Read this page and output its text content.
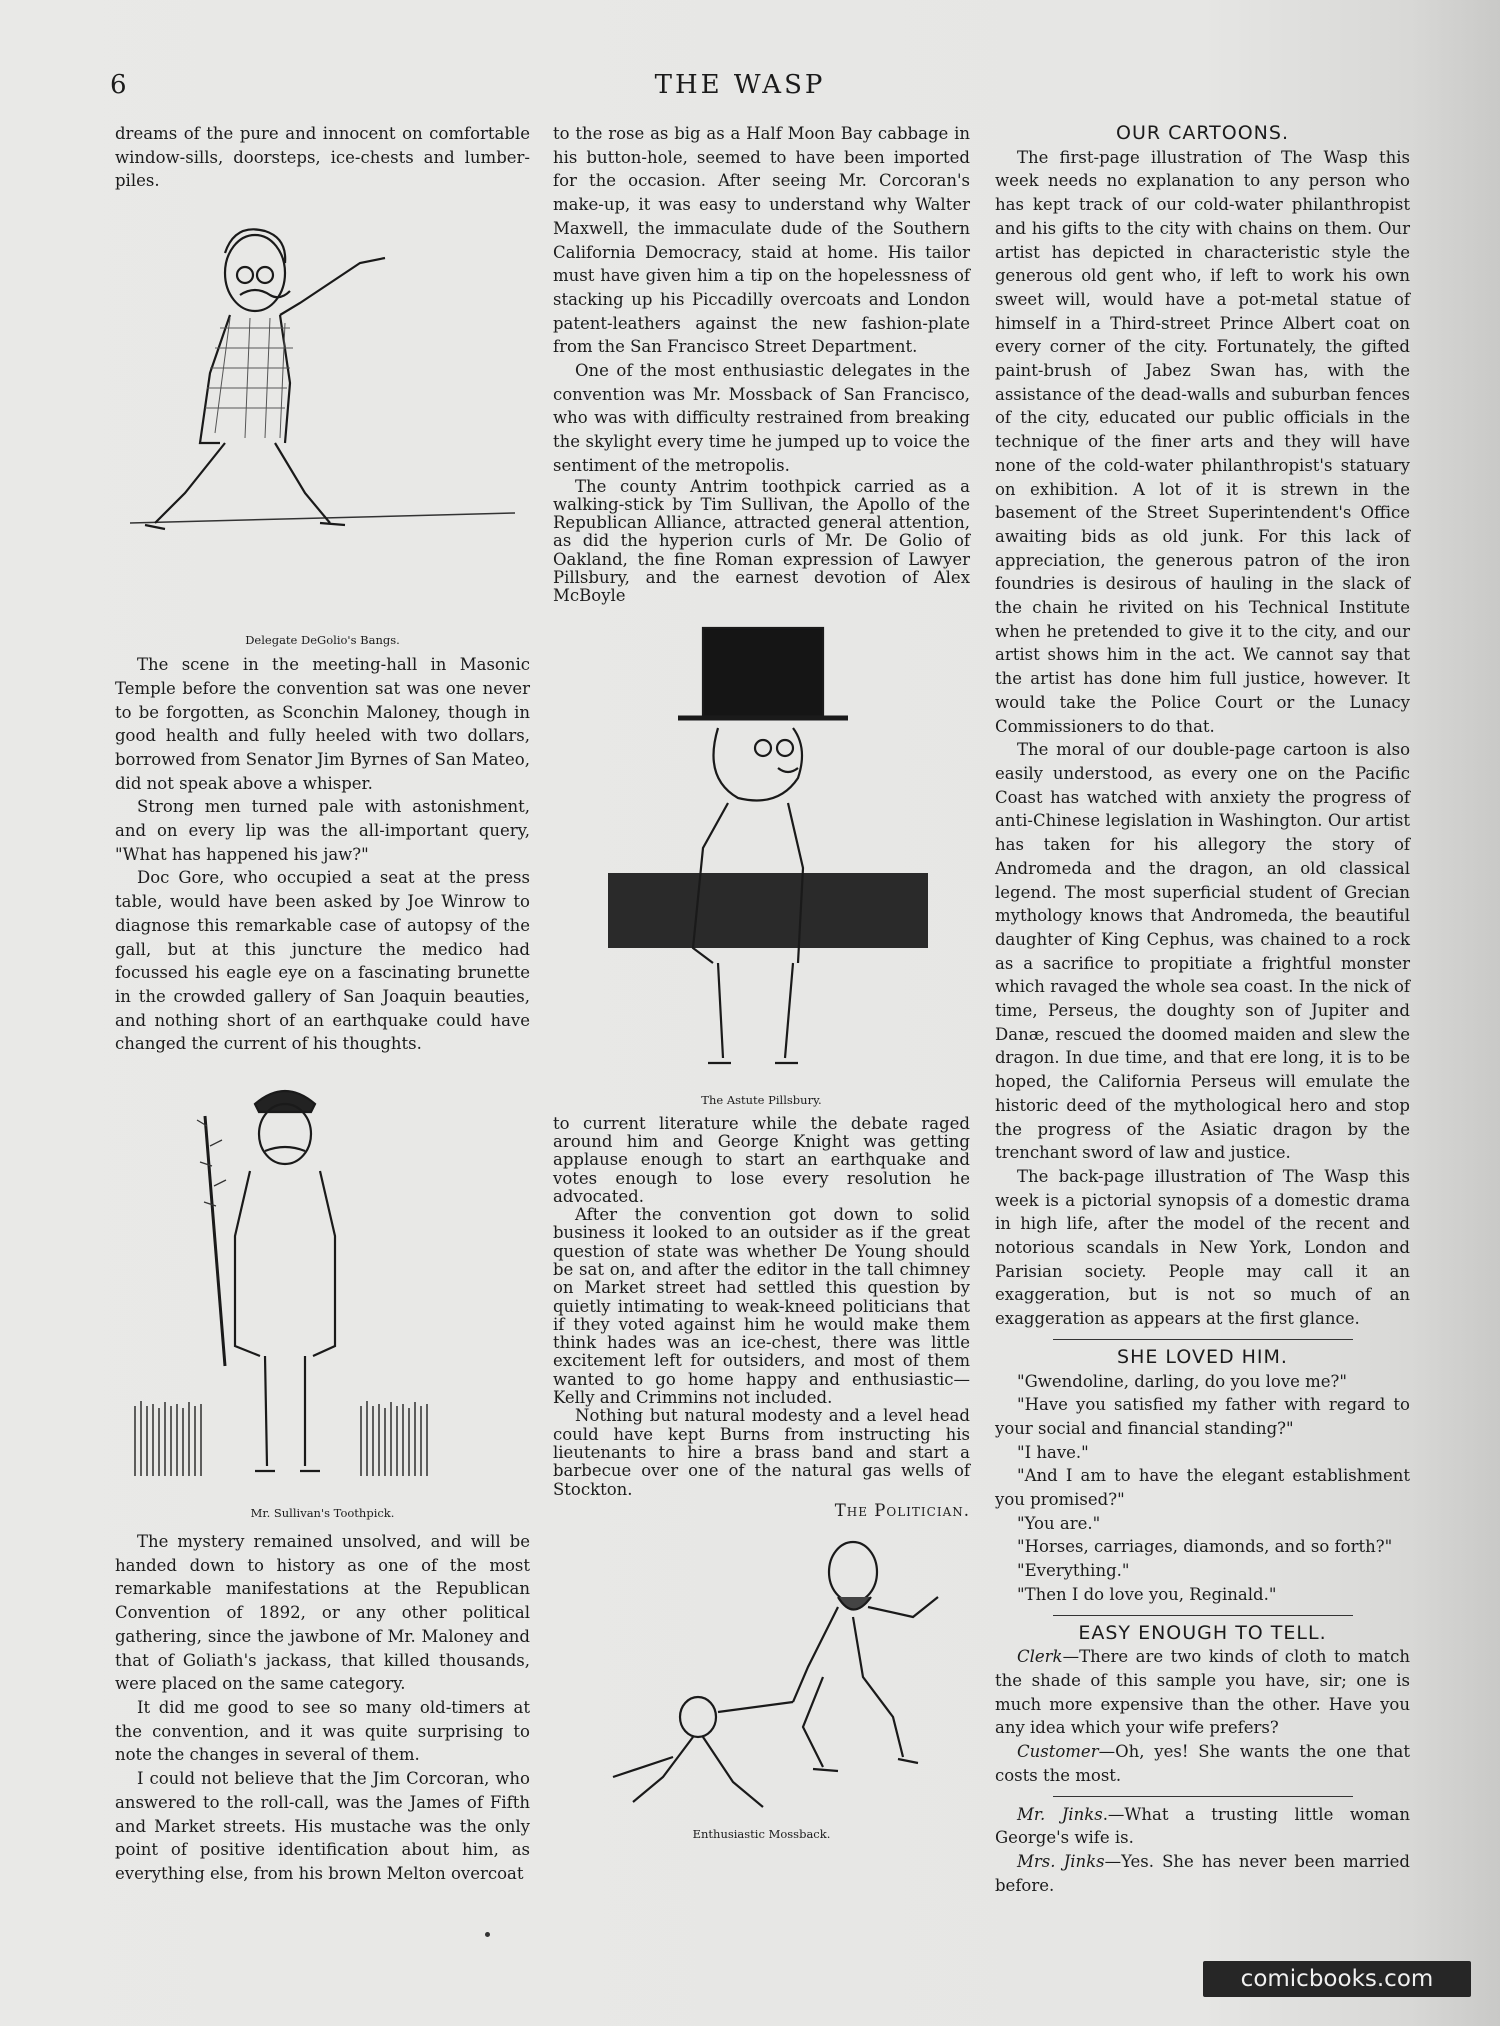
6	THE WASP

dreams of the pure and innocent on comfortable window-sills, doorsteps, ice-chests and lumber-piles.

Delegate DeGolio's Bangs.

The scene in the meeting-hall in Masonic Temple before the convention sat was one never to be forgotten, as Sconchin Maloney, though in good health and fully heeled with two dollars, borrowed from Senator Jim Byrnes of San Mateo, did not speak above a whisper.

Strong men turned pale with astonishment, and on every lip was the all-important query, "What has happened his jaw?"

Doc Gore, who occupied a seat at the press table, would have been asked by Joe Winrow to diagnose this remarkable case of autopsy of the gall, but at this juncture the medico had focussed his eagle eye on a fascinating brunette in the crowded gallery of San Joaquin beauties, and nothing short of an earthquake could have changed the current of his thoughts.

Mr. Sullivan's Toothpick.

The mystery remained unsolved, and will be handed down to history as one of the most remarkable manifestations at the Republican Convention of 1892, or any other political gathering, since the jawbone of Mr. Maloney and that of Goliath's jackass, that killed thousands, were placed on the same category.

It did me good to see so many old-timers at the convention, and it was quite surprising to note the changes in several of them.

I could not believe that the Jim Corcoran, who answered to the roll-call, was the James of Fifth and Market streets. His mustache was the only point of positive identification about him, as everything else, from his brown Melton overcoat

to the rose as big as a Half Moon Bay cabbage in his button-hole, seemed to have been imported for the occasion. After seeing Mr. Corcoran's make-up, it was easy to understand why Walter Maxwell, the immaculate dude of the Southern California Democracy, staid at home. His tailor must have given him a tip on the hopelessness of stacking up his Piccadilly overcoats and London patent-leathers against the new fashion-plate from the San Francisco Street Department.

One of the most enthusiastic delegates in the convention was Mr. Mossback of San Francisco, who was with difficulty restrained from breaking the skylight every time he jumped up to voice the sentiment of the metropolis.

The county Antrim toothpick carried as a walking-stick by Tim Sullivan, the Apollo of the Republican Alliance, attracted general attention, as did the hyperion curls of Mr. De Golio of Oakland, the fine Roman expression of Lawyer Pillsbury, and the earnest devotion of Alex McBoyle

The Astute Pillsbury.

to current literature while the debate raged around him and George Knight was getting applause enough to start an earthquake and votes enough to lose every resolution he advocated.

After the convention got down to solid business it looked to an outsider as if the great question of state was whether De Young should be sat on, and after the editor in the tall chimney on Market street had settled this question by quietly intimating to weak-kneed politicians that if they voted against him he would make them think hades was an ice-chest, there was little excitement left for outsiders, and most of them wanted to go home happy and enthusiastic—Kelly and Crimmins not included.

Nothing but natural modesty and a level head could have kept Burns from instructing his lieutenants to hire a brass band and start a barbecue over one of the natural gas wells of Stockton.

The Politician.
Enthusiastic Mossback.
OUR CARTOONS.

The first-page illustration of The Wasp this week needs no explanation to any person who has kept track of our cold-water philanthropist and his gifts to the city with chains on them. Our artist has depicted in characteristic style the generous old gent who, if left to work his own sweet will, would have a pot-metal statue of himself in a Third-street Prince Albert coat on every corner of the city. Fortunately, the gifted paint-brush of Jabez Swan has, with the assistance of the dead-walls and suburban fences of the city, educated our public officials in the technique of the finer arts and they will have none of the cold-water philanthropist's statuary on exhibition. A lot of it is strewn in the basement of the Street Superintendent's Office awaiting bids as old junk. For this lack of appreciation, the generous patron of the iron foundries is desirous of hauling in the slack of the chain he rivited on his Technical Institute when he pretended to give it to the city, and our artist shows him in the act. We cannot say that the artist has done him full justice, however. It would take the Police Court or the Lunacy Commissioners to do that.

The moral of our double-page cartoon is also easily understood, as every one on the Pacific Coast has watched with anxiety the progress of anti-Chinese legislation in Washington. Our artist has taken for his allegory the story of Andromeda and the dragon, an old classical legend. The most superficial student of Grecian mythology knows that Andromeda, the beautiful daughter of King Cephus, was chained to a rock as a sacrifice to propitiate a frightful monster which ravaged the whole sea coast. In the nick of time, Perseus, the doughty son of Jupiter and Danæ, rescued the doomed maiden and slew the dragon. In due time, and that ere long, it is to be hoped, the California Perseus will emulate the historic deed of the mythological hero and stop the progress of the Asiatic dragon by the trenchant sword of law and justice.

The back-page illustration of The Wasp this week is a pictorial synopsis of a domestic drama in high life, after the model of the recent and notorious scandals in New York, London and Parisian society. People may call it an exaggeration, but is not so much of an exaggeration as appears at the first glance.

SHE LOVED HIM.

"Gwendoline, darling, do you love me?"

"Have you satisfied my father with regard to your social and financial standing?"

"I have."

"And I am to have the elegant establishment you promised?"

"You are."

"Horses, carriages, diamonds, and so forth?"

"Everything."

"Then I do love you, Reginald."

EASY ENOUGH TO TELL.

Clerk—There are two kinds of cloth to match the shade of this sample you have, sir; one is much more expensive than the other. Have you any idea which your wife prefers?

Customer—Oh, yes! She wants the one that costs the most.

Mr. Jinks.—What a trusting little woman George's wife is.

Mrs. Jinks—Yes. She has never been married before.

comicbooks.com
